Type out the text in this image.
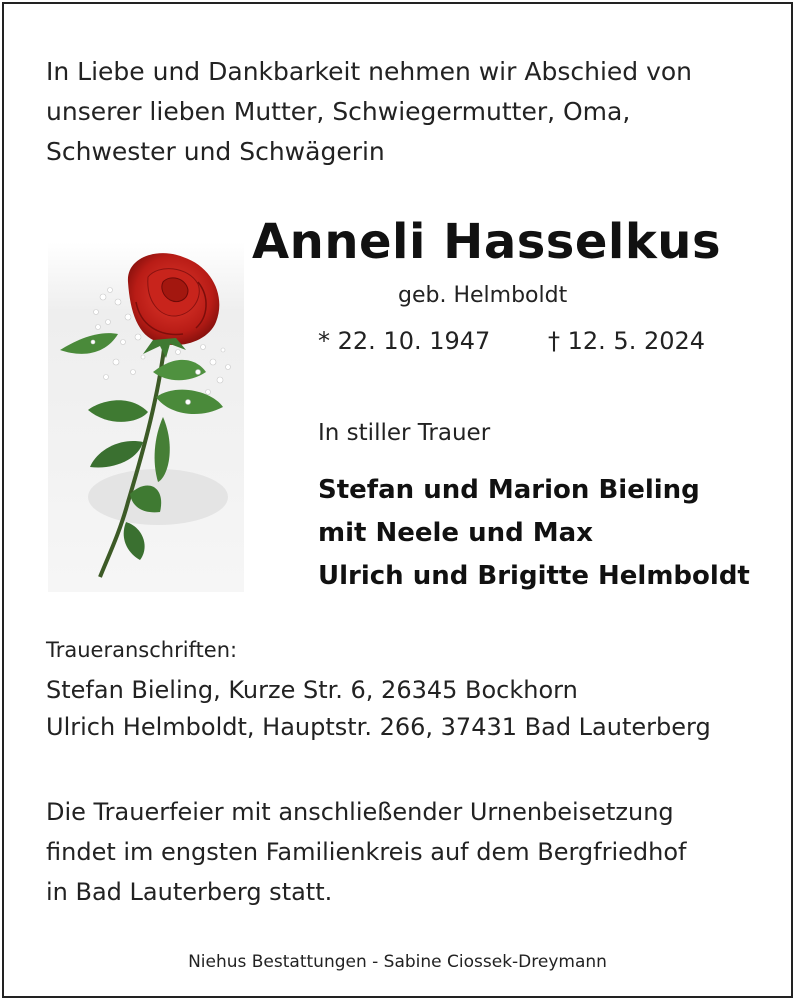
In Liebe und Dankbarkeit nehmen wir Abschied von
unserer lieben Mutter, Schwiegermutter, Oma,
Schwester und Schwägerin
Anneli Hasselkus
geb. Helmboldt
* 22. 10. 1947 † 12. 5. 2024
In stiller Trauer
Stefan und Marion Bieling
mit Neele und Max
Ulrich und Brigitte Helmboldt
Traueranschriften:
Stefan Bieling, Kurze Str. 6, 26345 Bockhorn
Ulrich Helmboldt, Hauptstr. 266, 37431 Bad Lauterberg
Die Trauerfeier mit anschließender Urnenbeisetzung
findet im engsten Familienkreis auf dem Bergfriedhof
in Bad Lauterberg statt.
Niehus Bestattungen - Sabine Ciossek-Dreymann
